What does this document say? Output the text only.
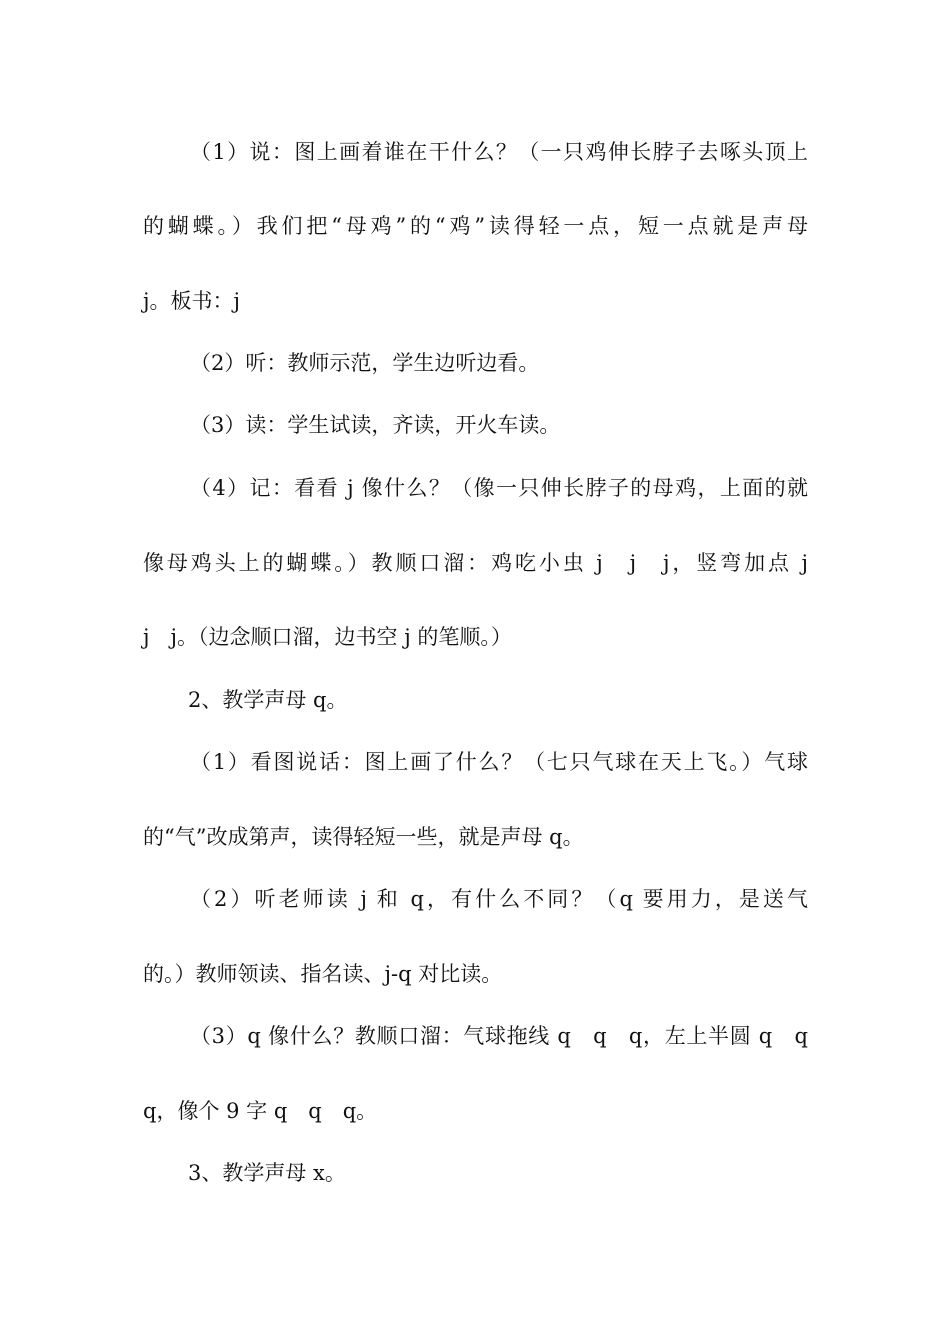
（1）说：图上画着谁在干什么？（一只鸡伸长脖子去啄头顶上
的蝴蝶。）我们把“母鸡”的“鸡”读得轻一点，短一点就是声母
j。板书：j
（2）听：教师示范，学生边听边看。
（3）读：学生试读，齐读，开火车读。
（4）记：看看 j 像什么？（像一只伸长脖子的母鸡，上面的就
像母鸡头上的蝴蝶。）教顺口溜：鸡吃小虫 j　j　j，竖弯加点 j
j　j。（边念顺口溜，边书空 j 的笔顺。）
2、教学声母 q。
（1）看图说话：图上画了什么？（七只气球在天上飞。）气球
的“气”改成第声，读得轻短一些，就是声母 q。
（2）听老师读 j 和 q，有什么不同？（q 要用力，是送气
的。）教师领读、指名读、j-q 对比读。
（3）q 像什么？教顺口溜：气球拖线 q　q　q，左上半圆 q　q
q，像个 9 字 q　q　q。
3、教学声母 x。
